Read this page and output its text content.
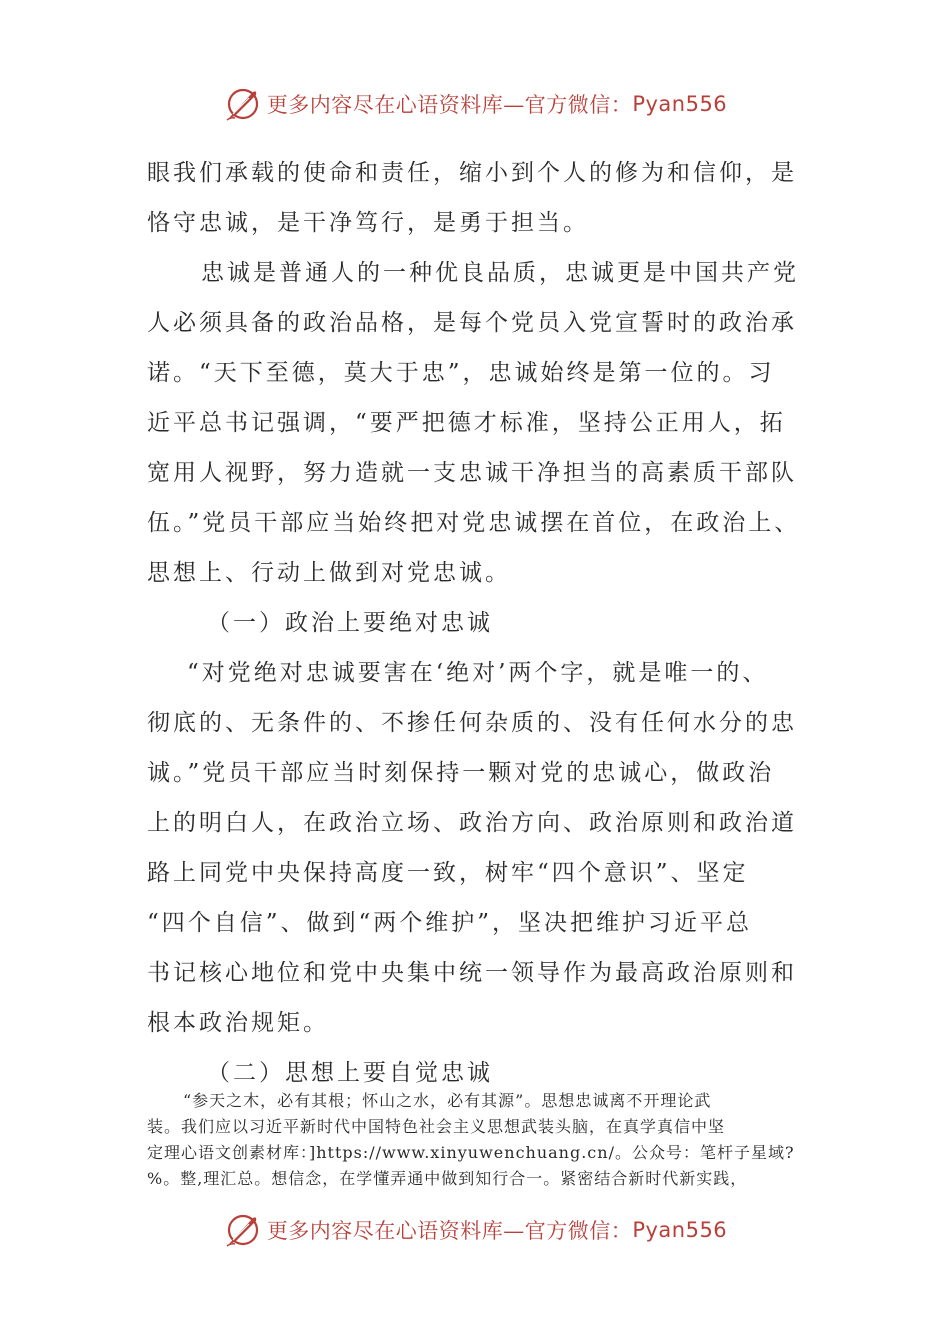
更多内容尽在心语资料库—官方微信： Pyan556

眼我们承载的使命和责任，缩小到个人的修为和信仰，是
恪守忠诚，是干净笃行，是勇于担当。

忠诚是普通人的一种优良品质，忠诚更是中国共产党
人必须具备的政治品格，是每个党员入党宣誓时的政治承
诺。“天下至德，莫大于忠”，忠诚始终是第一位的。习
近平总书记强调，“要严把德才标准，坚持公正用人，拓
宽用人视野，努力造就一支忠诚干净担当的高素质干部队
伍。”党员干部应当始终把对党忠诚摆在首位，在政治上、
思想上、行动上做到对党忠诚。

（一）政治上要绝对忠诚

“对党绝对忠诚要害在‘绝对’两个字，就是唯一的、
彻底的、无条件的、不掺任何杂质的、没有任何水分的忠
诚。”党员干部应当时刻保持一颗对党的忠诚心，做政治
上的明白人，在政治立场、政治方向、政治原则和政治道
路上同党中央保持高度一致，树牢“四个意识”、坚定
“四个自信”、做到“两个维护”，坚决把维护习近平总
书记核心地位和党中央集中统一领导作为最高政治原则和
根本政治规矩。

（二）思想上要自觉忠诚

“参天之木，必有其根；怀山之水，必有其源”。思想忠诚离不开理论武
装。我们应以习近平新时代中国特色社会主义思想武装头脑，在真学真信中坚
定理心语文创素材库：]https://www.xinyuwenchuang.cn/。公众号：笔杆子星域?
%。整,理汇总。想信念，在学懂弄通中做到知行合一。紧密结合新时代新实践，
更多内容尽在心语资料库—官方微信： Pyan556
